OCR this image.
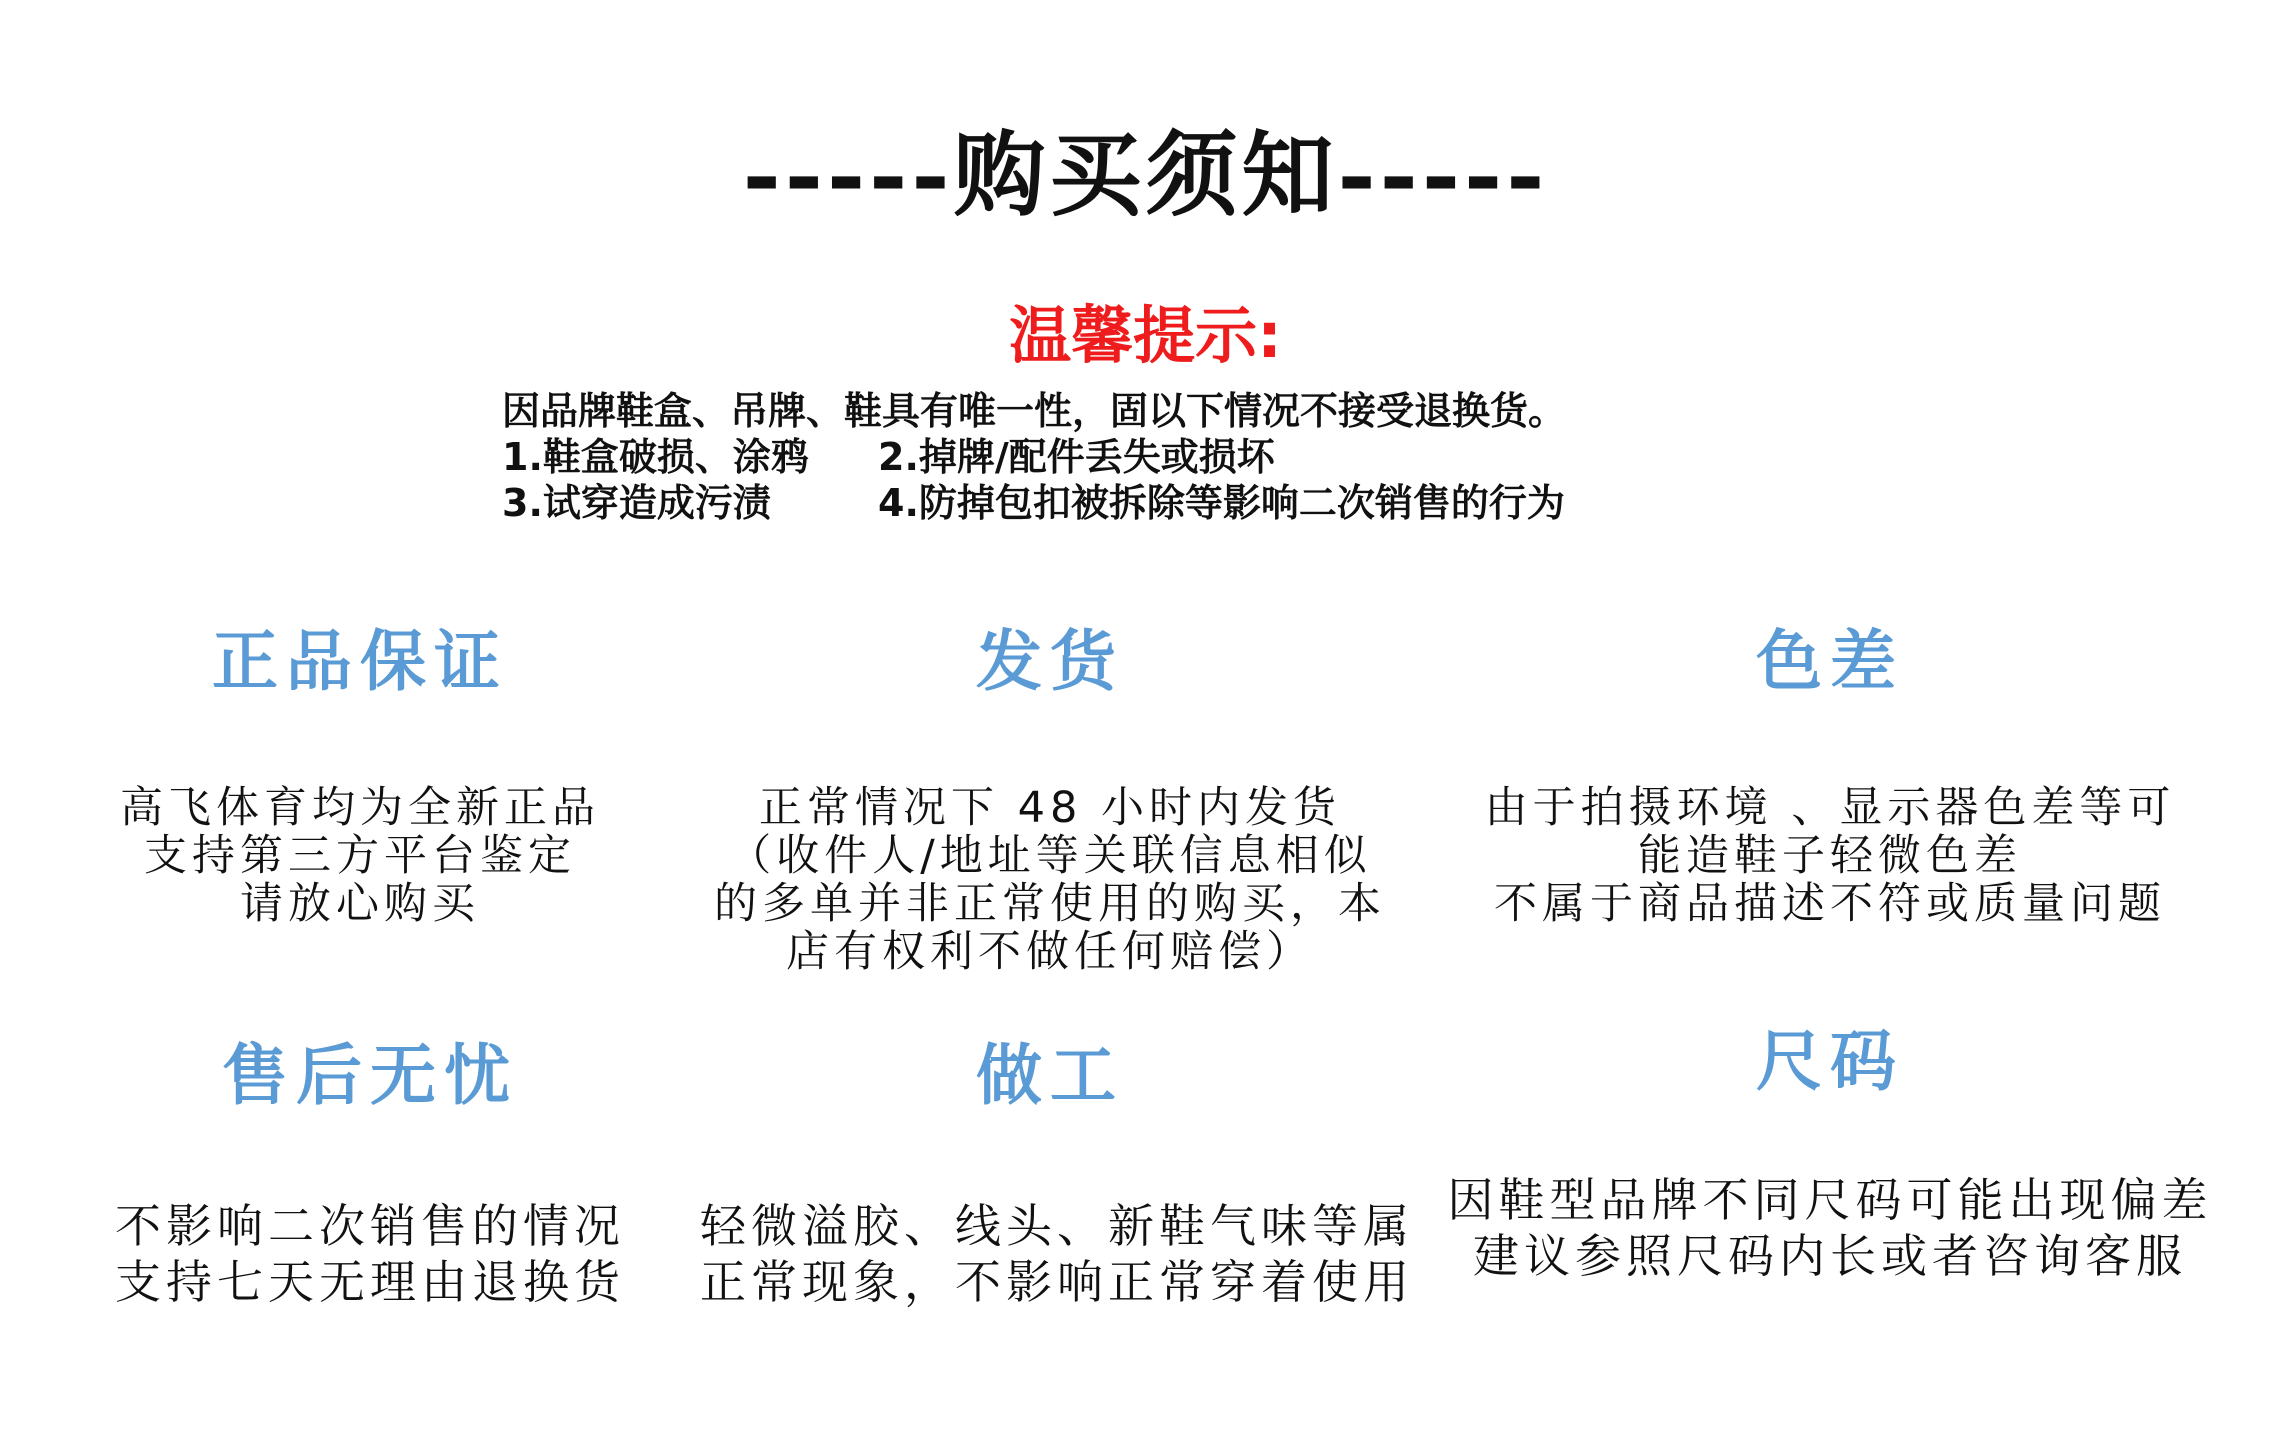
-----购买须知-----
温馨提示:
因品牌鞋盒、吊牌、鞋具有唯一性，固以下情况不接受退换货。
1.鞋盒破损、涂鸦	2.掉牌/配件丢失或损坏
3.试穿造成污渍	4.防掉包扣被拆除等影响二次销售的行为
正品保证
高飞体育均为全新正品
支持第三方平台鉴定
请放心购买
发货
正常情况下 48 小时内发货
（收件人/地址等关联信息相似
的多单并非正常使用的购买，本
店有权利不做任何赔偿）
色差
由于拍摄环境 、显示器色差等可
能造鞋子轻微色差
不属于商品描述不符或质量问题
售后无忧
不影响二次销售的情况
支持七天无理由退换货
做工
轻微溢胶、线头、新鞋气味等属
正常现象，不影响正常穿着使用
尺码
因鞋型品牌不同尺码可能出现偏差
建议参照尺码内长或者咨询客服
